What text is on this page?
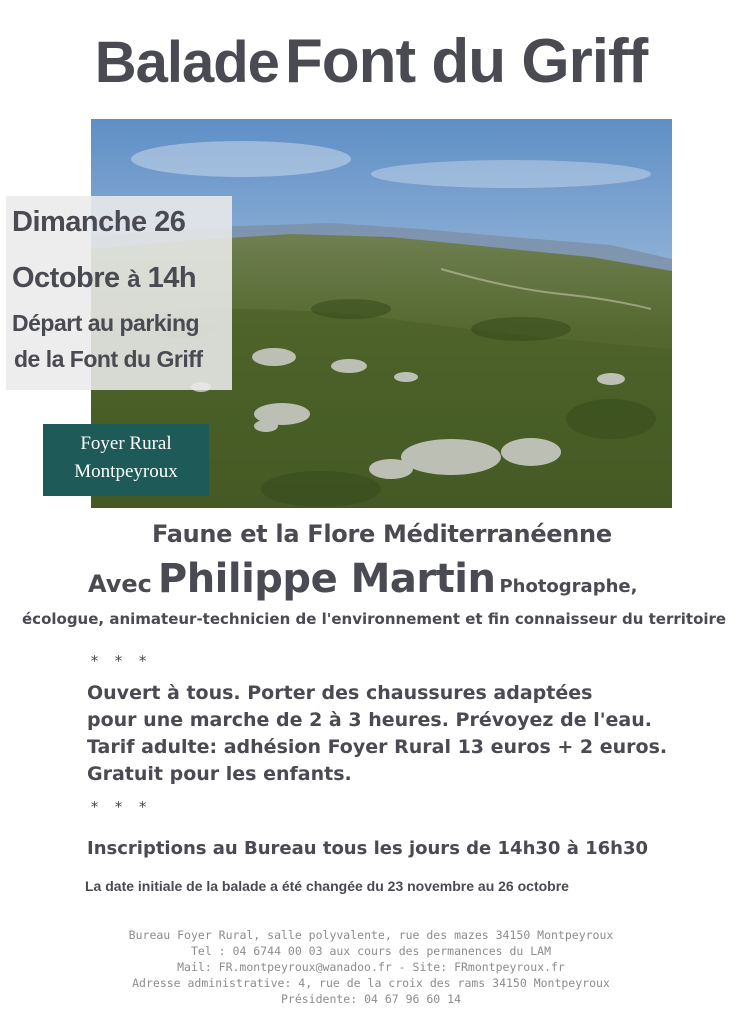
BaladeFont du Griff
Dimanche 26
Octobre à 14h
Départ au parking
de la Font du Griff
Foyer Rural
Montpeyroux
Faune et la Flore Méditerranéenne
Avec Philippe Martin Photographe,
écologue, animateur-technicien de l'environnement et fin connaisseur du territoire
* * *
Ouvert à tous. Porter des chaussures adaptées
pour une marche de 2 à 3 heures. Prévoyez de l'eau.
Tarif adulte: adhésion Foyer Rural 13 euros + 2 euros.
Gratuit pour les enfants.
* * *
Inscriptions au Bureau tous les jours de 14h30 à 16h30
La date initiale de la balade a été changée du 23 novembre au 26 octobre
Bureau Foyer Rural, salle polyvalente, rue des mazes 34150 Montpeyroux
Tel : 04 6744 00 03 aux cours des permanences du LAM
Mail: FR.montpeyroux@wanadoo.fr - Site: FRmontpeyroux.fr
Adresse administrative: 4, rue de la croix des rams 34150 Montpeyroux
Présidente: 04 67 96 60 14
